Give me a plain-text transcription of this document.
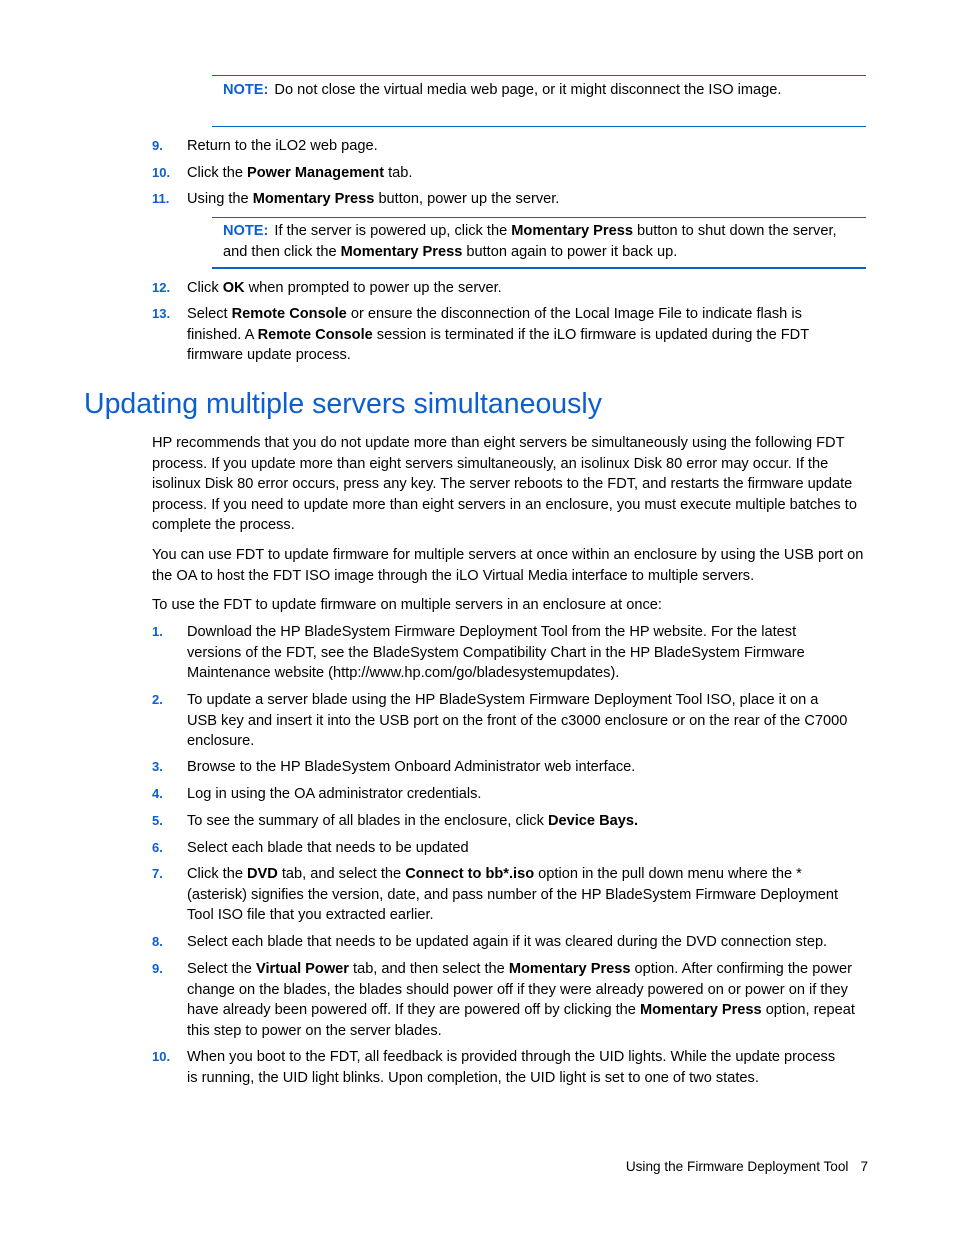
NOTE: Do not close the virtual media web page, or it might disconnect the ISO image.
9. Return to the iLO2 web page.
10. Click the Power Management tab.
11. Using the Momentary Press button, power up the server.
NOTE: If the server is powered up, click the Momentary Press button to shut down the server, and then click the Momentary Press button again to power it back up.
12. Click OK when prompted to power up the server.
13. Select Remote Console or ensure the disconnection of the Local Image File to indicate flash is finished. A Remote Console session is terminated if the iLO firmware is updated during the FDT firmware update process.
Updating multiple servers simultaneously

HP recommends that you do not update more than eight servers be simultaneously using the following FDT process. If you update more than eight servers simultaneously, an isolinux Disk 80 error may occur. If the isolinux Disk 80 error occurs, press any key. The server reboots to the FDT, and restarts the firmware update process. If you need to update more than eight servers in an enclosure, you must execute multiple batches to complete the process.

You can use FDT to update firmware for multiple servers at once within an enclosure by using the USB port on the OA to host the FDT ISO image through the iLO Virtual Media interface to multiple servers.

To use the FDT to update firmware on multiple servers in an enclosure at once:

1. Download the HP BladeSystem Firmware Deployment Tool from the HP website. For the latest versions of the FDT, see the BladeSystem Compatibility Chart in the HP BladeSystem Firmware Maintenance website (http://www.hp.com/go/bladesystemupdates).
2. To update a server blade using the HP BladeSystem Firmware Deployment Tool ISO, place it on a USB key and insert it into the USB port on the front of the c3000 enclosure or on the rear of the C7000 enclosure.
3. Browse to the HP BladeSystem Onboard Administrator web interface.
4. Log in using the OA administrator credentials.
5. To see the summary of all blades in the enclosure, click Device Bays.
6. Select each blade that needs to be updated
7. Click the DVD tab, and select the Connect to bb*.iso option in the pull down menu where the * (asterisk) signifies the version, date, and pass number of the HP BladeSystem Firmware Deployment Tool ISO file that you extracted earlier.
8. Select each blade that needs to be updated again if it was cleared during the DVD connection step.
9. Select the Virtual Power tab, and then select the Momentary Press option. After confirming the power change on the blades, the blades should power off if they were already powered on or power on if they have already been powered off. If they are powered off by clicking the Momentary Press option, repeat this step to power on the server blades.
10. When you boot to the FDT, all feedback is provided through the UID lights. While the update process is running, the UID light blinks. Upon completion, the UID light is set to one of two states.
Using the Firmware Deployment Tool 7
